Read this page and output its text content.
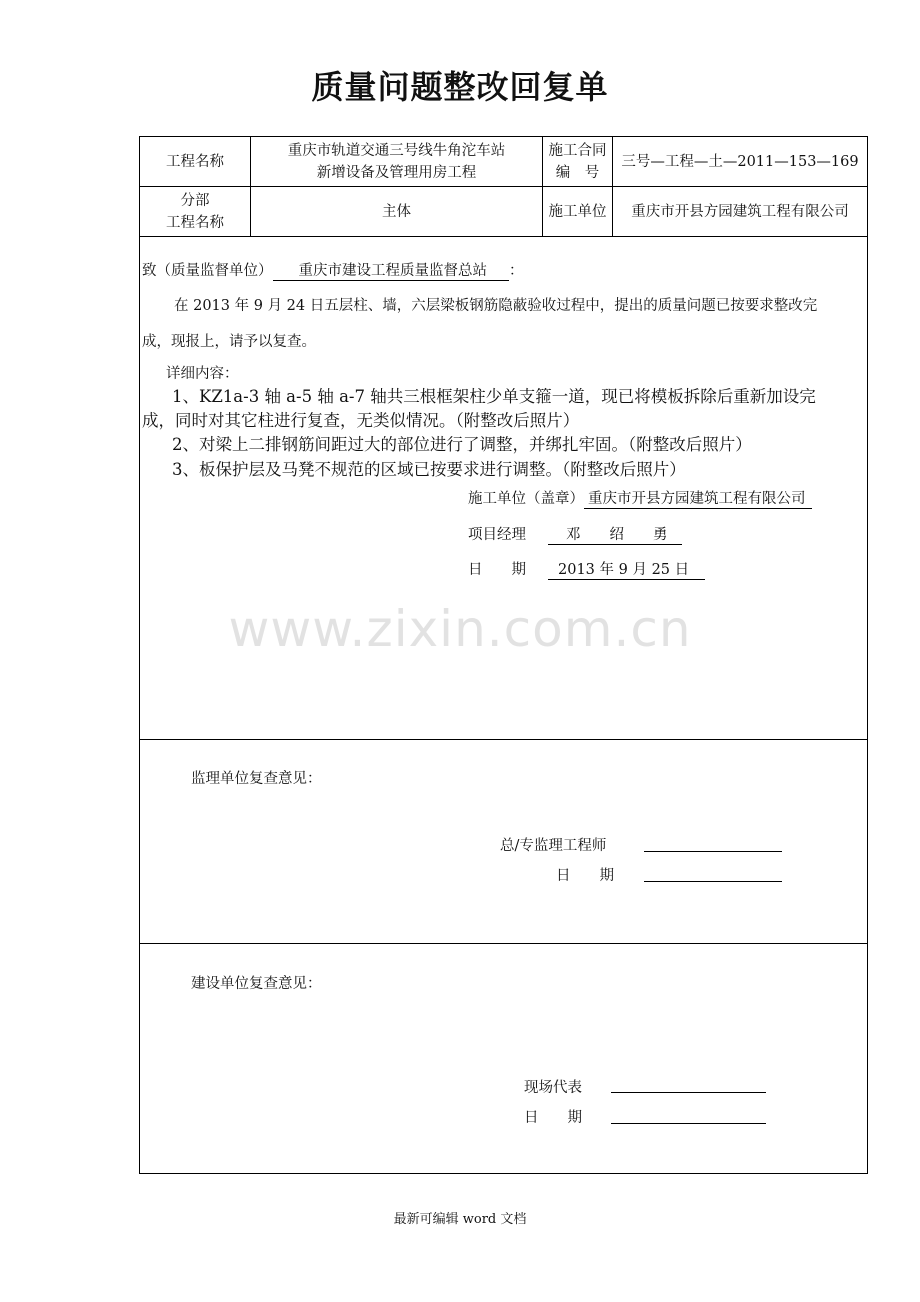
质量问题整改回复单
工程名称
重庆市轨道交通三号线牛角沱车站
新增设备及管理用房工程
施工合同
编　号
三号—工程—土—2011—153—169
分部
工程名称
主体	施工单位 重庆市开县方园建筑工程有限公司
致（质量监督单位） 重庆市建设工程质量监督总站 ：
在 2013 年 9 月 24 日五层柱、墙，六层梁板钢筋隐蔽验收过程中，提出的质量问题已按要求整改完
成，现报上，请予以复查。
详细内容：
1、KZ1a-3 轴 a-5 轴 a-7 轴共三根框架柱少单支箍一道，现已将模板拆除后重新加设完
成，同时对其它柱进行复查，无类似情况。（附整改后照片）
2、对梁上二排钢筋间距过大的部位进行了调整，并绑扎牢固。（附整改后照片）
3、板保护层及马凳不规范的区域已按要求进行调整。（附整改后照片）
施工单位（盖章） 重庆市开县方园建筑工程有限公司
项目经理	邓　　绍　　勇
日　　期 2013 年 9 月 25 日
www.zixin.com.cn
监理单位复查意见：
总/专监理工程师
日　　期
建设单位复查意见：
现场代表
日　　期
最新可编辑 word 文档
